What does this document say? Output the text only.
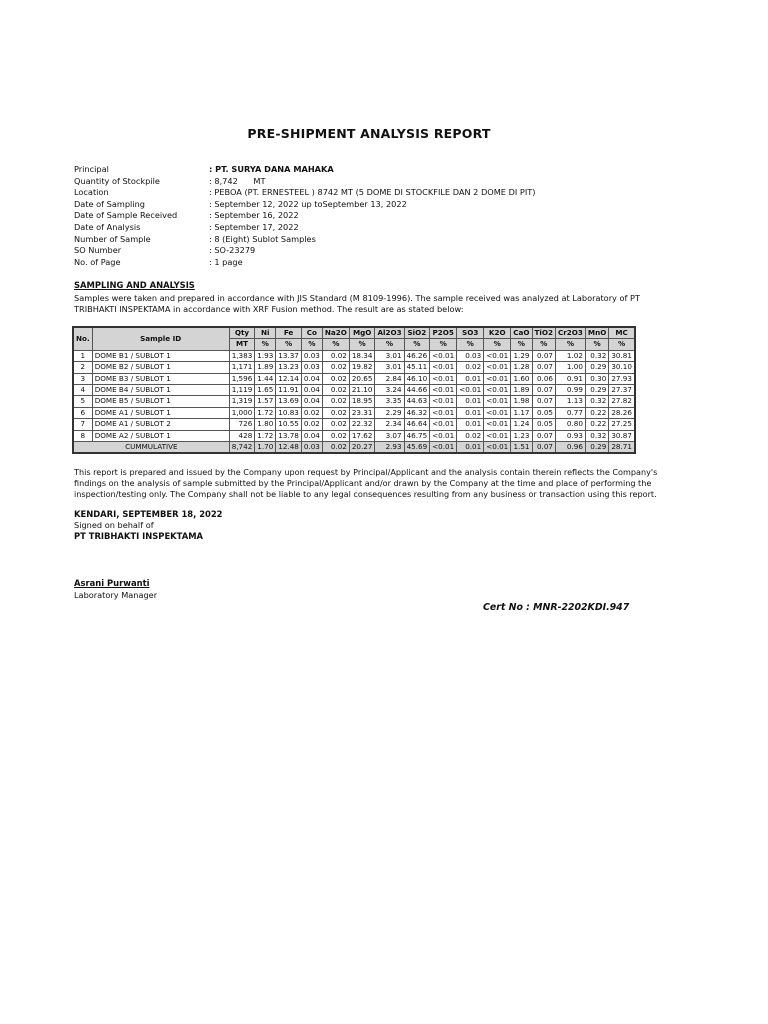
PRE-SHIPMENT ANALYSIS REPORT
Principal	: PT. SURYA DANA MAHAKA
Quantity of Stockpile	: 8,742      MT
Location	: PEBOA (PT. ERNESTEEL ) 8742 MT (5 DOME DI STOCKFILE DAN 2 DOME DI PIT)
Date of Sampling	: September 12, 2022 up toSeptember 13, 2022
Date of Sample Received	: September 16, 2022
Date of Analysis	: September 17, 2022
Number of Sample	: 8 (Eight) Sublot Samples
SO Number	: SO-23279
No. of Page	: 1 page
SAMPLING AND ANALYSIS
Samples were taken and prepared in accordance with JIS Standard (M 8109-1996). The sample received was analyzed at Laboratory of PT TRIBHAKTI INSPEKTAMA in accordance with XRF Fusion method. The result are as stated below:
No.	Sample ID	Qty	Ni	Fe	Co	Na2O	MgO	Al2O3	SiO2	P2O5	SO3	K2O	CaO	TiO2	Cr2O3	MnO	MC
		MT	%	%	%	%	%	%	%	%	%	%	%	%	%	%	%
1	DOME B1 / SUBLOT 1	1,383	1.93	13.37	0.03	0.02	18.34	3.01	46.26	<0.01	0.03	<0.01	1.29	0.07	1.02	0.32	30.81
2	DOME B2 / SUBLOT 1	1,171	1.89	13.23	0.03	0.02	19.82	3.01	45.11	<0.01	0.02	<0.01	1.28	0.07	1.00	0.29	30.10
3	DOME B3 / SUBLOT 1	1,596	1.44	12.14	0.04	0.02	20.65	2.84	46.10	<0.01	0.01	<0.01	1.60	0.06	0.91	0.30	27.93
4	DOME B4 / SUBLOT 1	1,119	1.65	11.91	0.04	0.02	21.10	3.24	44.66	<0.01	<0.01	<0.01	1.89	0.07	0.99	0.29	27.37
5	DOME B5 / SUBLOT 1	1,319	1.57	13.69	0.04	0.02	18.95	3.35	44.63	<0.01	0.01	<0.01	1.98	0.07	1.13	0.32	27.82
6	DOME A1 / SUBLOT 1	1,000	1.72	10.83	0.02	0.02	23.31	2.29	46.32	<0.01	0.01	<0.01	1.17	0.05	0.77	0.22	28.26
7	DOME A1 / SUBLOT 2	726	1.80	10.55	0.02	0.02	22.32	2.34	46.64	<0.01	0.01	<0.01	1.24	0.05	0.80	0.22	27.25
8	DOME A2 / SUBLOT 1	428	1.72	13.78	0.04	0.02	17.62	3.07	46.75	<0.01	0.02	<0.01	1.23	0.07	0.93	0.32	30.87
CUMMULATIVE		8,742	1.70	12.48	0.03	0.02	20.27	2.93	45.69	<0.01	0.01	<0.01	1.51	0.07	0.96	0.29	28.71
This report is prepared and issued by the Company upon request by Principal/Applicant and the analysis contain therein reflects the Company's findings on the analysis of sample submitted by the Principal/Applicant and/or drawn by the Company at the time and place of performing the inspection/testing only. The Company shall not be liable to any legal consequences resulting from any business or transaction using this report.
KENDARI, SEPTEMBER 18, 2022
Signed on behalf of
PT TRIBHAKTI INSPEKTAMA
Asrani Purwanti
Laboratory Manager
Cert No : MNR-2202KDI.947
